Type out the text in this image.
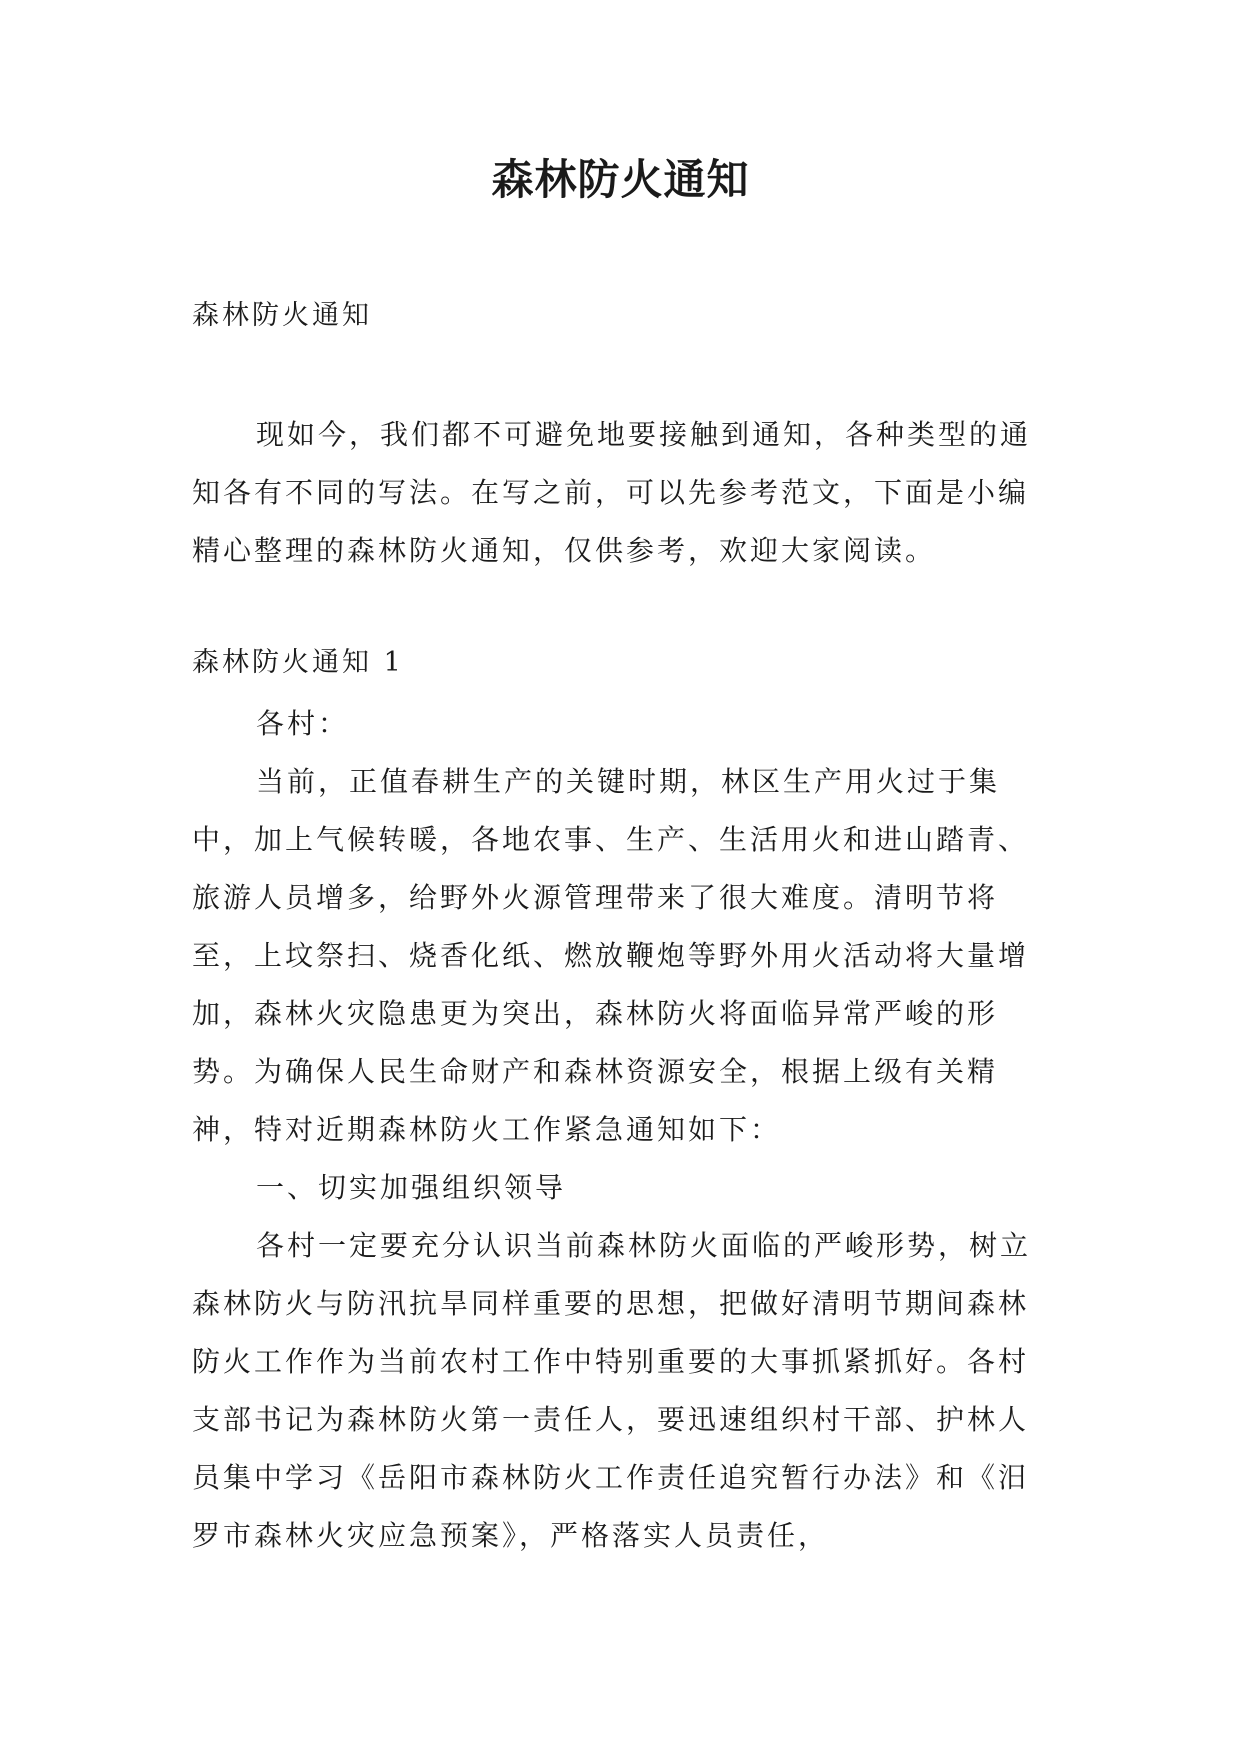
森林防火通知

森林防火通知

现如今，我们都不可避免地要接触到通知，各种类型的通知各有不同的写法。在写之前，可以先参考范文，下面是小编精心整理的森林防火通知，仅供参考，欢迎大家阅读。

森林防火通知 1

各村：

当前，正值春耕生产的关键时期，林区生产用火过于集中，加上气候转暖，各地农事、生产、生活用火和进山踏青、旅游人员增多，给野外火源管理带来了很大难度。清明节将至，上坟祭扫、烧香化纸、燃放鞭炮等野外用火活动将大量增加，森林火灾隐患更为突出，森林防火将面临异常严峻的形势。为确保人民生命财产和森林资源安全，根据上级有关精神，特对近期森林防火工作紧急通知如下：

一、切实加强组织领导

各村一定要充分认识当前森林防火面临的严峻形势，树立森林防火与防汛抗旱同样重要的思想，把做好清明节期间森林防火工作作为当前农村工作中特别重要的大事抓紧抓好。各村支部书记为森林防火第一责任人，要迅速组织村干部、护林人员集中学习《岳阳市森林防火工作责任追究暂行办法》和《汨罗市森林火灾应急预案》，严格落实人员责任，
